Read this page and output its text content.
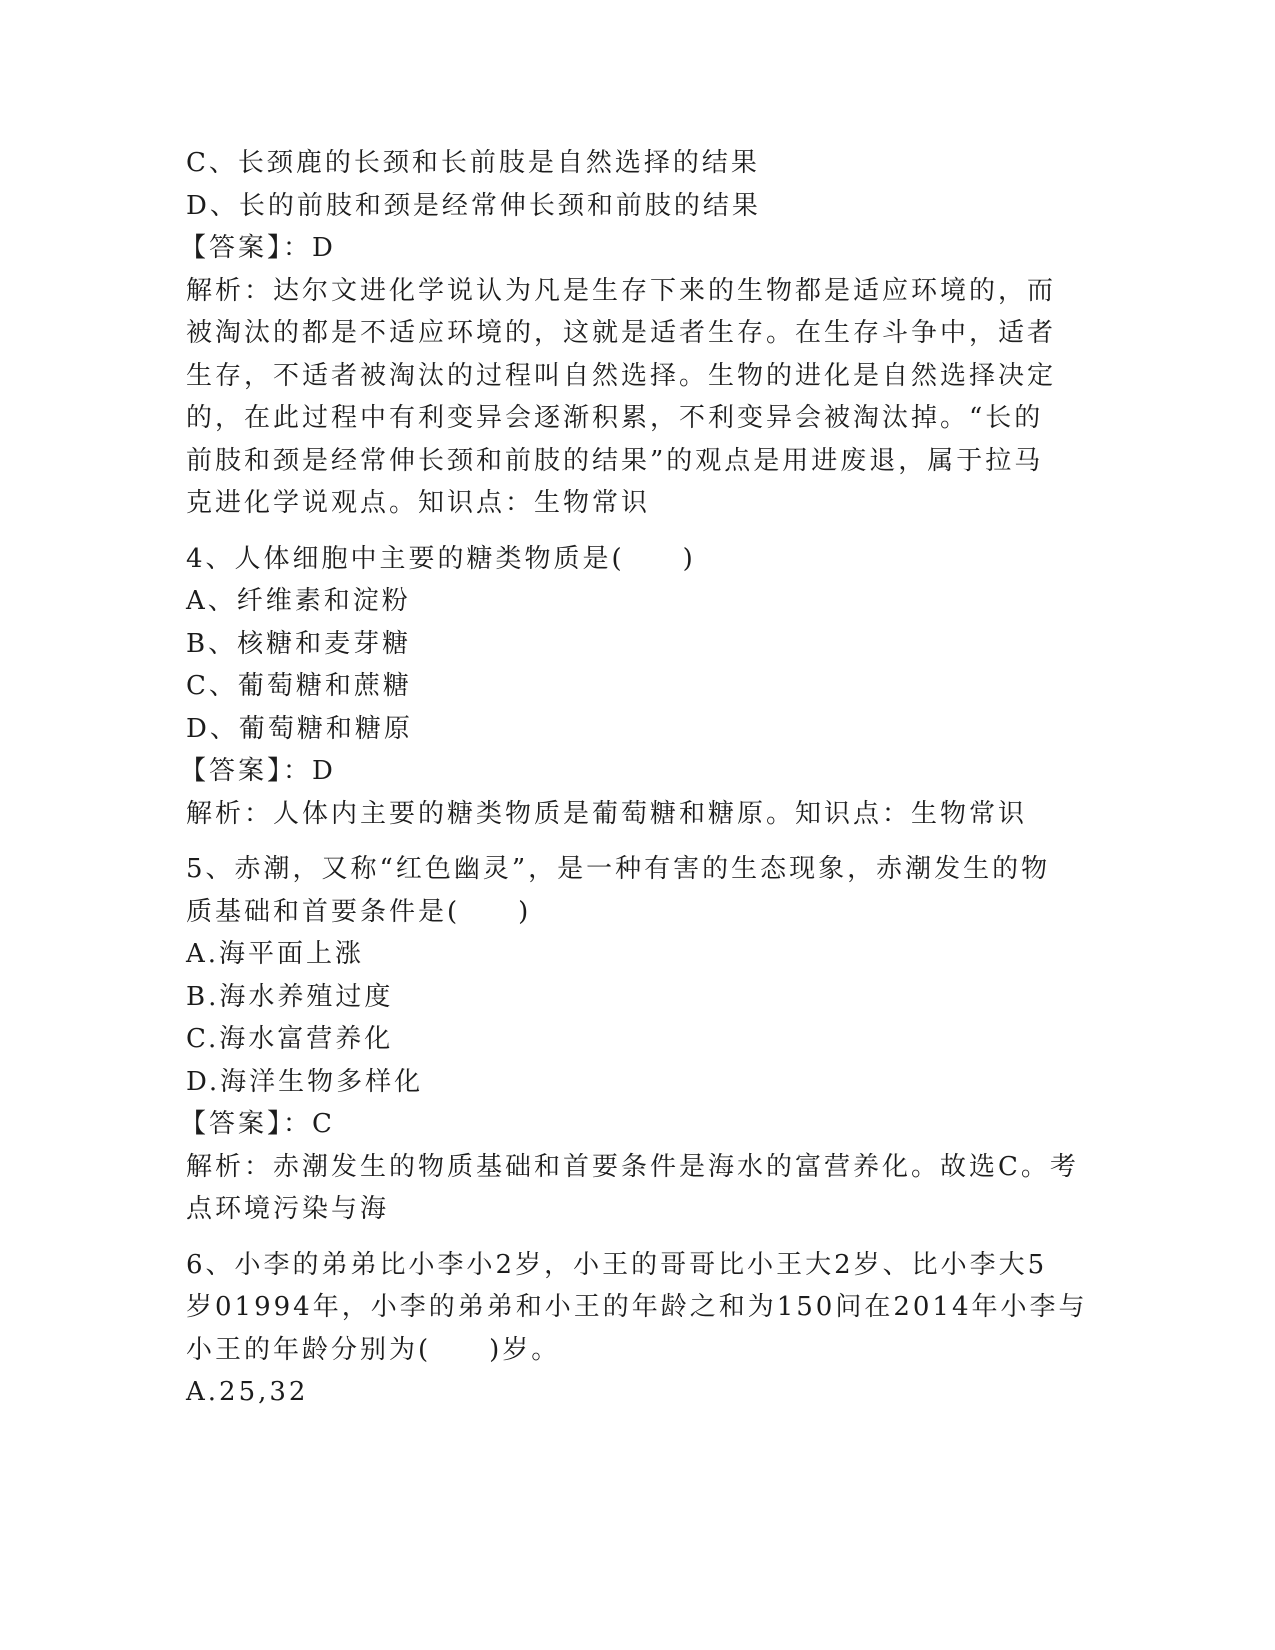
C、长颈鹿的长颈和长前肢是自然选择的结果
D、长的前肢和颈是经常伸长颈和前肢的结果
【答案】：D
解析：达尔文进化学说认为凡是生存下来的生物都是适应环境的，而
被淘汰的都是不适应环境的，这就是适者生存。在生存斗争中，适者
生存，不适者被淘汰的过程叫自然选择。生物的进化是自然选择决定
的，在此过程中有利变异会逐渐积累，不利变异会被淘汰掉。“长的
前肢和颈是经常伸长颈和前肢的结果”的观点是用进废退，属于拉马
克进化学说观点。知识点：生物常识
4、人体细胞中主要的糖类物质是(　　)
A、纤维素和淀粉
B、核糖和麦芽糖
C、葡萄糖和蔗糖
D、葡萄糖和糖原
【答案】：D
解析：人体内主要的糖类物质是葡萄糖和糖原。知识点：生物常识
5、赤潮，又称“红色幽灵”，是一种有害的生态现象，赤潮发生的物
质基础和首要条件是(　　)
A.海平面上涨
B.海水养殖过度
C.海水富营养化
D.海洋生物多样化
【答案】：C
解析：赤潮发生的物质基础和首要条件是海水的富营养化。故选C。考
点环境污染与海
6、小李的弟弟比小李小2岁，小王的哥哥比小王大2岁、比小李大5
岁01994年，小李的弟弟和小王的年龄之和为150问在2014年小李与
小王的年龄分别为(　　)岁。
A.25,32
